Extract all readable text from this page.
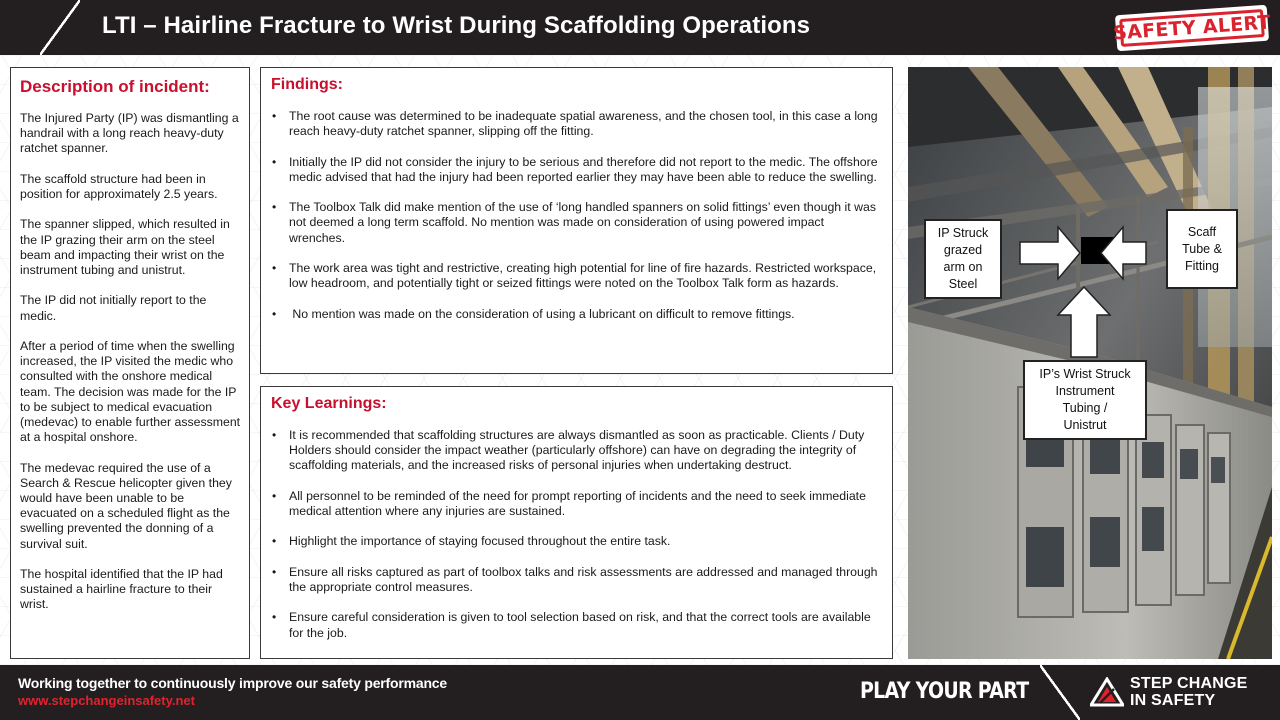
LTI – Hairline Fracture to Wrist During Scaffolding Operations	SAFETY ALERT
Description of incident:

The Injured Party (IP) was dismantling a handrail with a long reach heavy-duty ratchet spanner.

The scaffold structure had been in position for approximately 2.5 years.

The spanner slipped, which resulted in the IP grazing their arm on the steel beam and impacting their wrist on the instrument tubing and unistrut.

The IP did not initially report to the medic.

After a period of time when the swelling increased, the IP visited the medic who consulted with the onshore medical team. The decision was made for the IP to be subject to medical evacuation (medevac) to enable further assessment at a hospital onshore.

The medevac required the use of a Search & Rescue helicopter given they would have been unable to be evacuated on a scheduled flight as the swelling prevented the donning of a survival suit.

The hospital identified that the IP had sustained a hairline fracture to their wrist.

Findings:
• The root cause was determined to be inadequate spatial awareness, and the chosen tool, in this case a long reach heavy-duty ratchet spanner, slipping off the fitting.
• Initially the IP did not consider the injury to be serious and therefore did not report to the medic. The offshore medic advised that had the injury had been reported earlier they may have been able to reduce the swelling.
• The Toolbox Talk did make mention of the use of ‘long handled spanners on solid fittings’ even though it was not deemed a long term scaffold. No mention was made on consideration of using powered impact wrenches.
• The work area was tight and restrictive, creating high potential for line of fire hazards. Restricted workspace, low headroom, and potentially tight or seized fittings were noted on the Toolbox Talk form as hazards.
•  No mention was made on the consideration of using a lubricant on difficult to remove fittings.
Key Learnings:
• It is recommended that scaffolding structures are always dismantled as soon as practicable. Clients / Duty Holders should consider the impact weather (particularly offshore) can have on degrading the integrity of scaffolding materials, and the increased risks of personal injuries when undertaking destruct.
• All personnel to be reminded of the need for prompt reporting of incidents and the need to seek immediate medical attention where any injuries are sustained.
• Highlight the importance of staying focused throughout the entire task.
• Ensure all risks captured as part of toolbox talks and risk assessments are addressed and managed through the appropriate control measures.
• Ensure careful consideration is given to tool selection based on risk, and that the correct tools are available for the job.
IP Struck
grazed
arm on
Steel
Scaff
Tube &
Fitting
IP’s Wrist Struck
Instrument
Tubing /
Unistrut
Working together to continuously improve our safety performance
www.stepchangeinsafety.net	PLAY YOUR PART	STEP CHANGE
IN SAFETY
